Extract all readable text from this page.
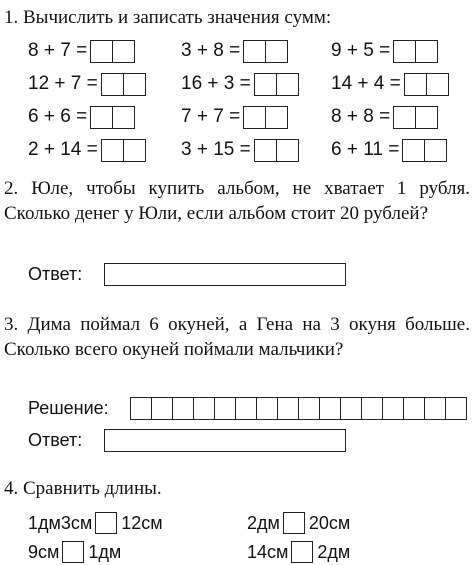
1. Вычислить и записать значения сумм:
8 + 7 =	3 + 8 =	9 + 5 =
12 + 7 =	16 + 3 =	14 + 4 =
6 + 6 =	7 + 7 =	8 + 8 =
2 + 14 =	3 + 15 =	6 + 11 =
2. Юле, чтобы купить альбом, не хватает 1 рубля. Сколько денег у Юли, если альбом стоит 20 рублей?
Ответ:
3. Дима поймал 6 окуней, а Гена на 3 окуня больше. Сколько всего окуней поймали мальчики?
Решение:
Ответ:
4. Сравнить длины.
1дм3см 12см	2дм 20см
9см 1дм	14см 2дм
